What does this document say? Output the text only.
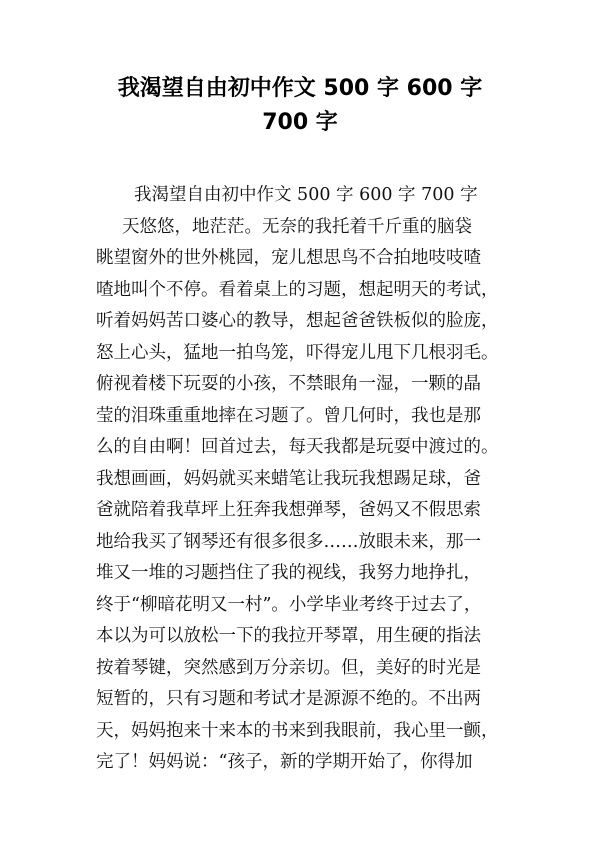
我渴望自由初中作文 500 字 600 字
700 字
我渴望自由初中作文 500 字 600 字 700 字
天悠悠，地茫茫。无奈的我托着千斤重的脑袋
眺望窗外的世外桃园，宠儿想思鸟不合拍地吱吱喳
喳地叫个不停。看着桌上的习题，想起明天的考试，
听着妈妈苦口婆心的教导，想起爸爸铁板似的脸庞，
怒上心头，猛地一拍鸟笼，吓得宠儿甩下几根羽毛。
俯视着楼下玩耍的小孩，不禁眼角一湿，一颗的晶
莹的泪珠重重地摔在习题了。曾几何时，我也是那
么的自由啊！回首过去，每天我都是玩耍中渡过的。
我想画画，妈妈就买来蜡笔让我玩我想踢足球，爸
爸就陪着我草坪上狂奔我想弹琴，爸妈又不假思索
地给我买了钢琴还有很多很多……放眼未来，那一
堆又一堆的习题挡住了我的视线，我努力地挣扎，
终于“柳暗花明又一村”。小学毕业考终于过去了，
本以为可以放松一下的我拉开琴罩，用生硬的指法
按着琴键，突然感到万分亲切。但，美好的时光是
短暂的，只有习题和考试才是源源不绝的。不出两
天，妈妈抱来十来本的书来到我眼前，我心里一颤，
完了！妈妈说：“孩子，新的学期开始了，你得加
